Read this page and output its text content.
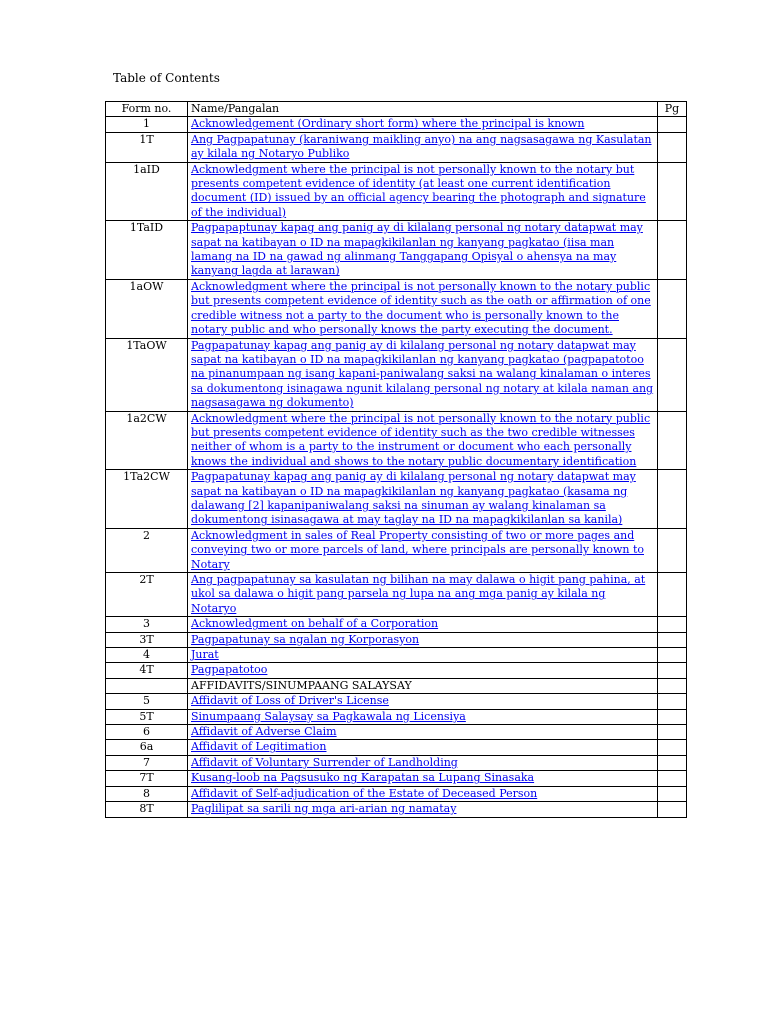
Table of Contents
Form no.	Name/Pangalan	Pg
1	Acknowledgement (Ordinary short form) where the principal is known	
1T	Ang Pagpapatunay (karaniwang maikling anyo) na ang nagsasagawa ng Kasulatan ay kilala ng Notaryo Publiko	
1aID	Acknowledgment where the principal is not personally known to the notary but presents competent evidence of identity (at least one current identification document (ID) issued by an official agency bearing the photograph and signature of the individual)	
1TaID	Pagpapaptunay kapag ang panig ay di kilalang personal ng notary datapwat may sapat na katibayan o ID na mapagkikilanlan ng kanyang pagkatao (iisa man lamang na ID na gawad ng alinmang Tanggapang Opisyal o ahensya na may kanyang lagda at larawan)	
1aOW	Acknowledgment where the principal is not personally known to the notary public but presents competent evidence of identity such as the oath or affirmation of one credible witness not a party to the document who is personally known to the notary public and who personally knows the party executing the document.	
1TaOW	Pagpapatunay kapag ang panig ay di kilalang personal ng notary datapwat may sapat na katibayan o ID na mapagkikilanlan ng kanyang pagkatao (pagpapatotoo na pinanumpaan ng isang kapani-paniwalang saksi na walang kinalaman o interes sa dokumentong isinagawa ngunit kilalang personal ng notary at kilala naman ang nagsasagawa ng dokumento)	
1a2CW	Acknowledgment where the principal is not personally known to the notary public but presents competent evidence of identity such as the two credible witnesses neither of whom is a party to the instrument or document who each personally knows the individual and shows to the notary public documentary identification	
1Ta2CW	Pagpapatunay kapag ang panig ay di kilalang personal ng notary datapwat may sapat na katibayan o ID na mapagkikilanlan ng kanyang pagkatao (kasama ng dalawang [2] kapanipaniwalang saksi na sinuman ay walang kinalaman sa dokumentong isinasagawa at may taglay na ID na mapagkikilanlan sa kanila)	
2	Acknowledgment in sales of Real Property consisting of two or more pages and conveying two or more parcels of land, where principals are personally known to Notary	
2T	Ang pagpapatunay sa kasulatan ng bilihan na may dalawa o higit pang pahina, at ukol sa dalawa o higit pang parsela ng lupa na ang mga panig ay kilala ng Notaryo	
3	Acknowledgment on behalf of a Corporation	
3T	Pagpapatunay sa ngalan ng Korporasyon	
4	Jurat	
4T	Pagpapatotoo	
	AFFIDAVITS/SINUMPAANG SALAYSAY	
5	Affidavit of Loss of Driver's License	
5T	Sinumpaang Salaysay sa Pagkawala ng Licensiya	
6	Affidavit of Adverse Claim	
6a	Affidavit of Legitimation	
7	Affidavit of Voluntary Surrender of Landholding	
7T	Kusang-loob na Pagsusuko ng Karapatan sa Lupang Sinasaka	
8	Affidavit of Self-adjudication of the Estate of Deceased Person	
8T	Paglilipat sa sarili ng mga ari-arian ng namatay	
